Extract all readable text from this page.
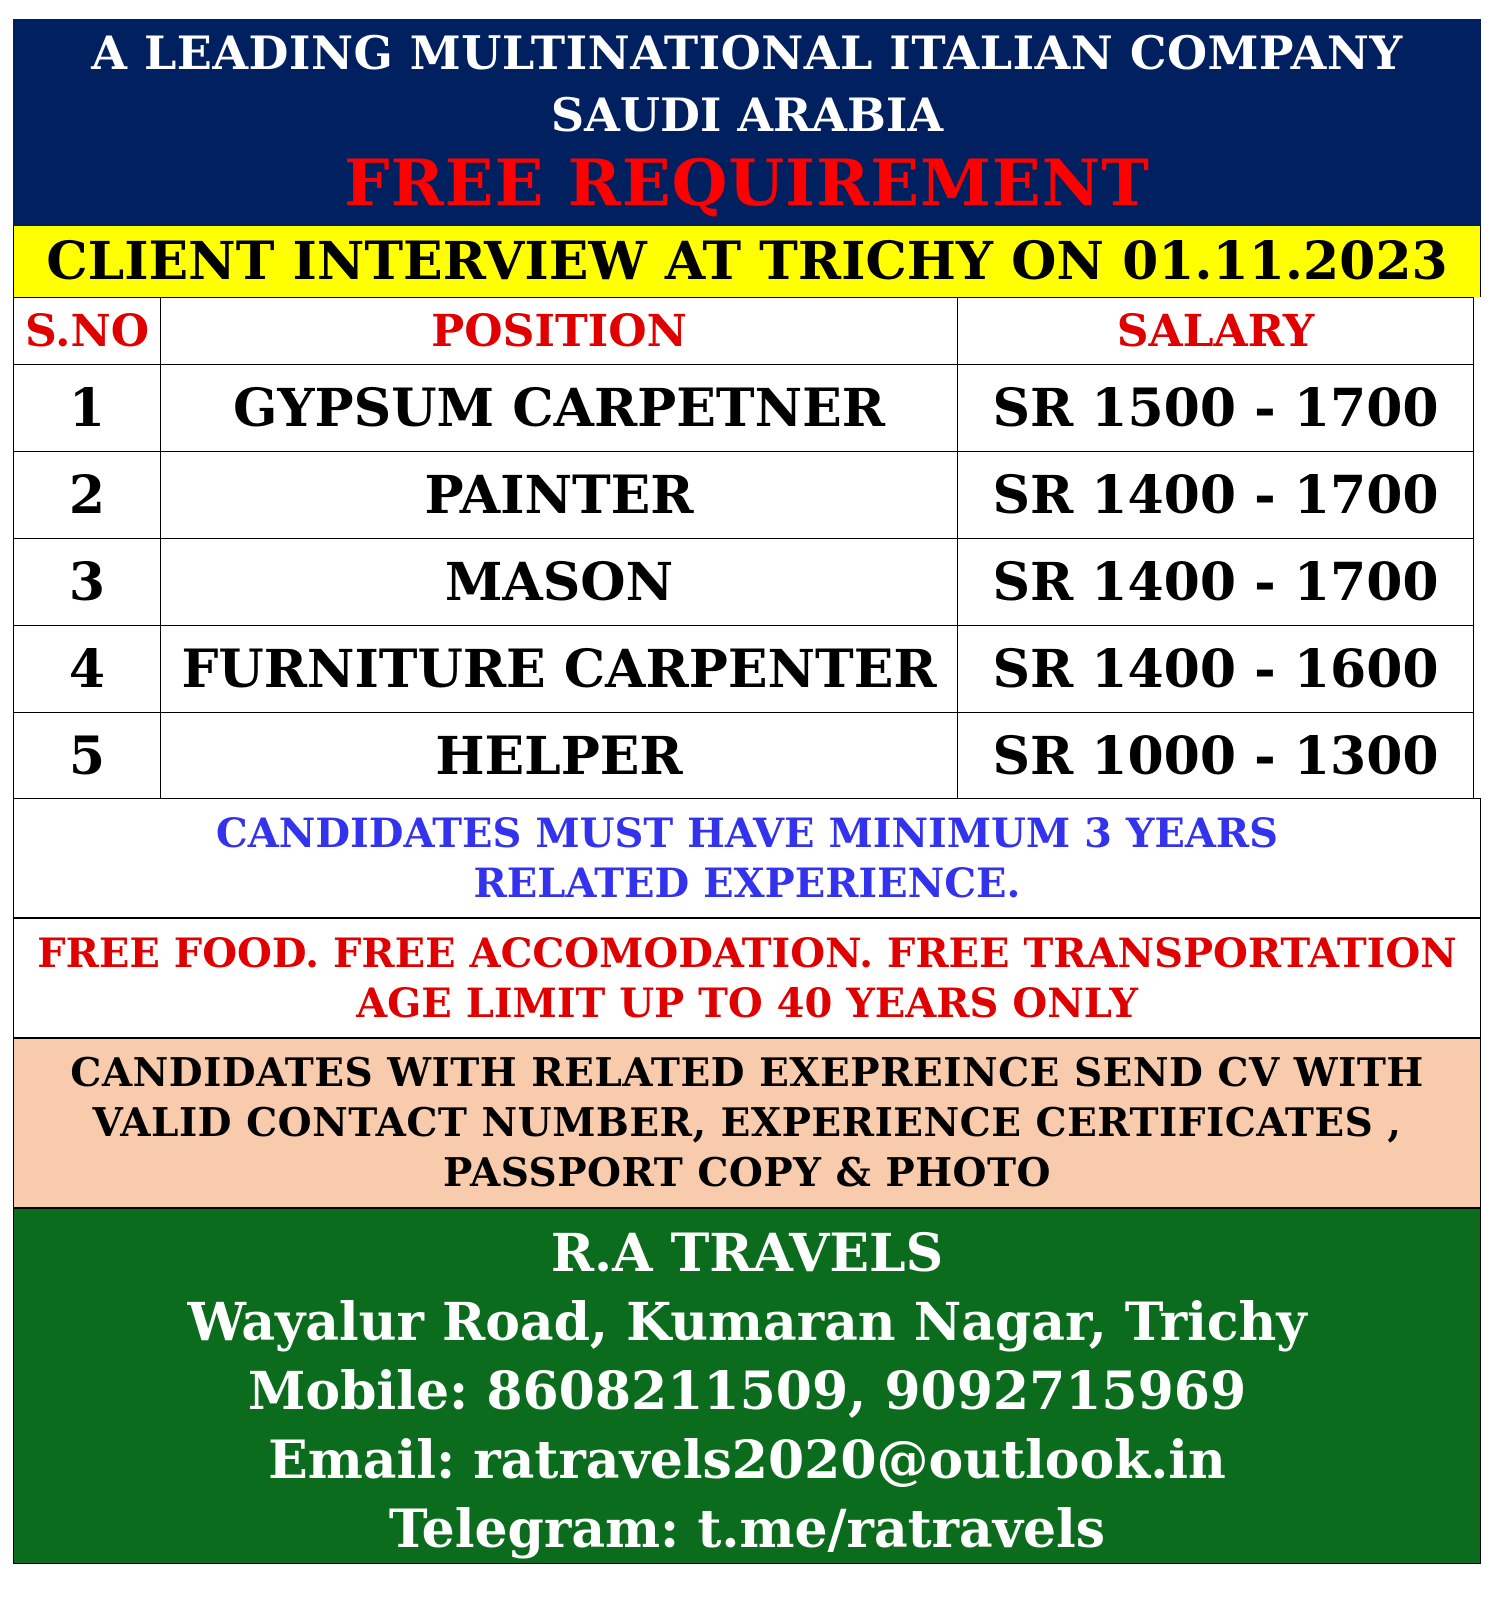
A LEADING MULTINATIONAL ITALIAN COMPANY
SAUDI ARABIA
FREE REQUIREMENT
CLIENT INTERVIEW AT TRICHY ON 01.11.2023
S.NO	POSITION	SALARY
1	GYPSUM CARPETNER	SR 1500 - 1700
2	PAINTER	SR 1400 - 1700
3	MASON	SR 1400 - 1700
4	FURNITURE CARPENTER	SR 1400 - 1600
5	HELPER	SR 1000 - 1300
CANDIDATES MUST HAVE MINIMUM 3 YEARS
RELATED EXPERIENCE.
FREE FOOD. FREE ACCOMODATION. FREE TRANSPORTATION
AGE LIMIT UP TO 40 YEARS ONLY
CANDIDATES WITH RELATED EXEPREINCE SEND CV WITH
VALID CONTACT NUMBER, EXPERIENCE CERTIFICATES ,
PASSPORT COPY & PHOTO
R.A TRAVELS
Wayalur Road, Kumaran Nagar, Trichy
Mobile: 8608211509, 9092715969
Email: ratravels2020@outlook.in
Telegram: t.me/ratravels
